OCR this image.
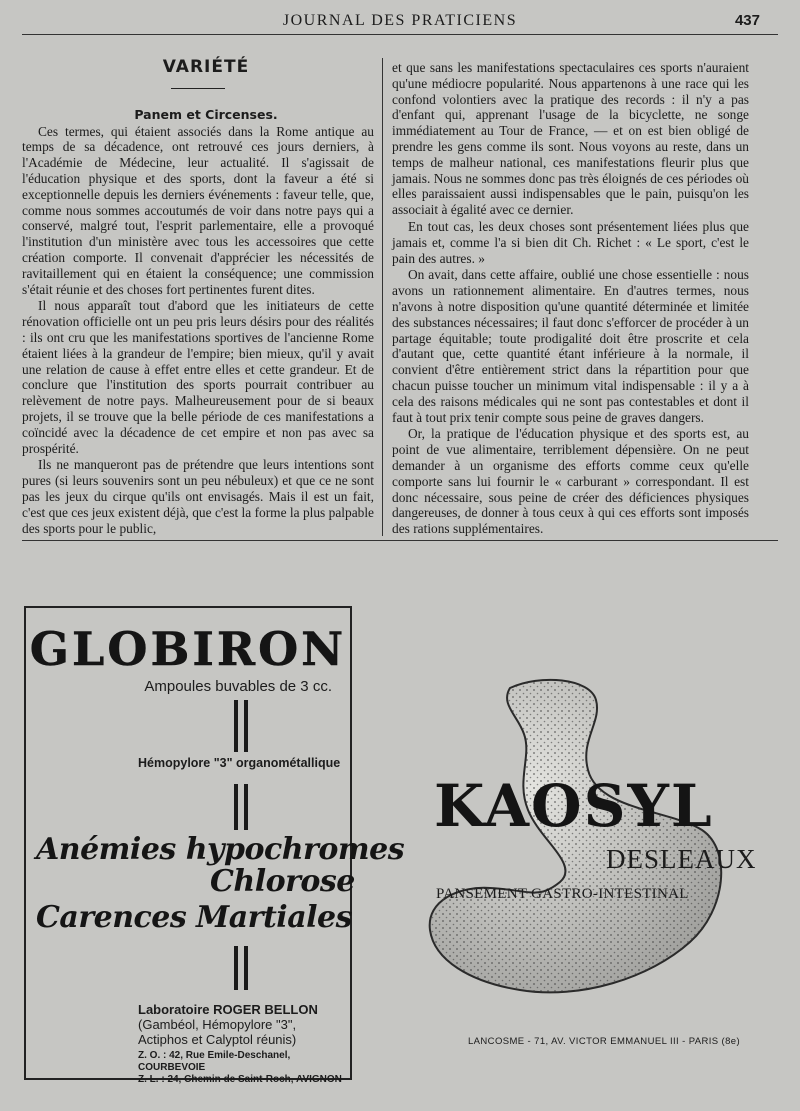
JOURNAL DES PRATICIENS	437

VARIÉTÉ

Panem et Circenses.

Ces termes, qui étaient associés dans la Rome antique au temps de sa décadence, ont retrouvé ces jours derniers, à l'Académie de Médecine, leur actualité. Il s'agissait de l'éducation physique et des sports, dont la faveur a été si exceptionnelle depuis les derniers événements : faveur telle, que, comme nous sommes accoutumés de voir dans notre pays qui a conservé, malgré tout, l'esprit parlementaire, elle a provoqué l'institution d'un ministère avec tous les accessoires que cette création comporte. Il convenait d'apprécier les nécessités de ravitaillement qui en étaient la conséquence; une commission s'était réunie et des choses fort pertinentes furent dites.

Il nous apparaît tout d'abord que les initiateurs de cette rénovation officielle ont un peu pris leurs désirs pour des réalités : ils ont cru que les manifestations sportives de l'ancienne Rome étaient liées à la grandeur de l'empire; bien mieux, qu'il y avait une relation de cause à effet entre elles et cette grandeur. Et de conclure que l'institution des sports pourrait contribuer au relèvement de notre pays. Malheureusement pour de si beaux projets, il se trouve que la belle période de ces manifestations a coïncidé avec la décadence de cet empire et non pas avec sa prospérité.

Ils ne manqueront pas de prétendre que leurs intentions sont pures (si leurs souvenirs sont un peu nébuleux) et que ce ne sont pas les jeux du cirque qu'ils ont envisagés. Mais il est un fait, c'est que ces jeux existent déjà, que c'est la forme la plus palpable des sports pour le public,

et que sans les manifestations spectaculaires ces sports n'auraient qu'une médiocre popularité. Nous appartenons à une race qui les confond volontiers avec la pratique des records : il n'y a pas d'enfant qui, apprenant l'usage de la bicyclette, ne songe immédiatement au Tour de France, — et on est bien obligé de prendre les gens comme ils sont. Nous voyons au reste, dans un temps de malheur national, ces manifestations fleurir plus que jamais. Nous ne sommes donc pas très éloignés de ces périodes où elles paraissaient aussi indispensables que le pain, puisqu'on les associait à égalité avec ce dernier.

En tout cas, les deux choses sont présentement liées plus que jamais et, comme l'a si bien dit Ch. Richet : « Le sport, c'est le pain des autres. »

On avait, dans cette affaire, oublié une chose essentielle : nous avons un rationnement alimentaire. En d'autres termes, nous n'avons à notre disposition qu'une quantité déterminée et limitée des substances nécessaires; il faut donc s'efforcer de procéder à un partage équitable; toute prodigalité doit être proscrite et cela d'autant que, cette quantité étant inférieure à la normale, il convient d'être entièrement strict dans la répartition pour que chacun puisse toucher un minimum vital indispensable : il y a à cela des raisons médicales qui ne sont pas contestables et dont il faut à tout prix tenir compte sous peine de graves dangers.

Or, la pratique de l'éducation physique et des sports est, au point de vue alimentaire, terriblement dépensière. On ne peut demander à un organisme des efforts comme ceux qu'elle comporte sans lui fournir le « carburant » correspondant. Il est donc nécessaire, sous peine de créer des déficiences physiques dangereuses, de donner à tous ceux à qui ces efforts sont imposés des rations supplémentaires.

GLOBIRON
Ampoules buvables de 3 cc.
Hémopylore "3" organométallique
Anémies hypochromes
Chlorose
Carences Martiales
Laboratoire ROGER BELLON
(Gambéol, Hémopylore "3",
Actiphos et Calyptol réunis)
Z. O. : 42, Rue Emile-Deschanel, COURBEVOIE
Z. L. : 24, Chemin de Saint-Roch, AVIGNON
KAOSYL
DESLEAUX
PANSEMENT GASTRO-INTESTINAL
LANCOSME - 71, AV. VICTOR EMMANUEL III - PARIS (8e)
